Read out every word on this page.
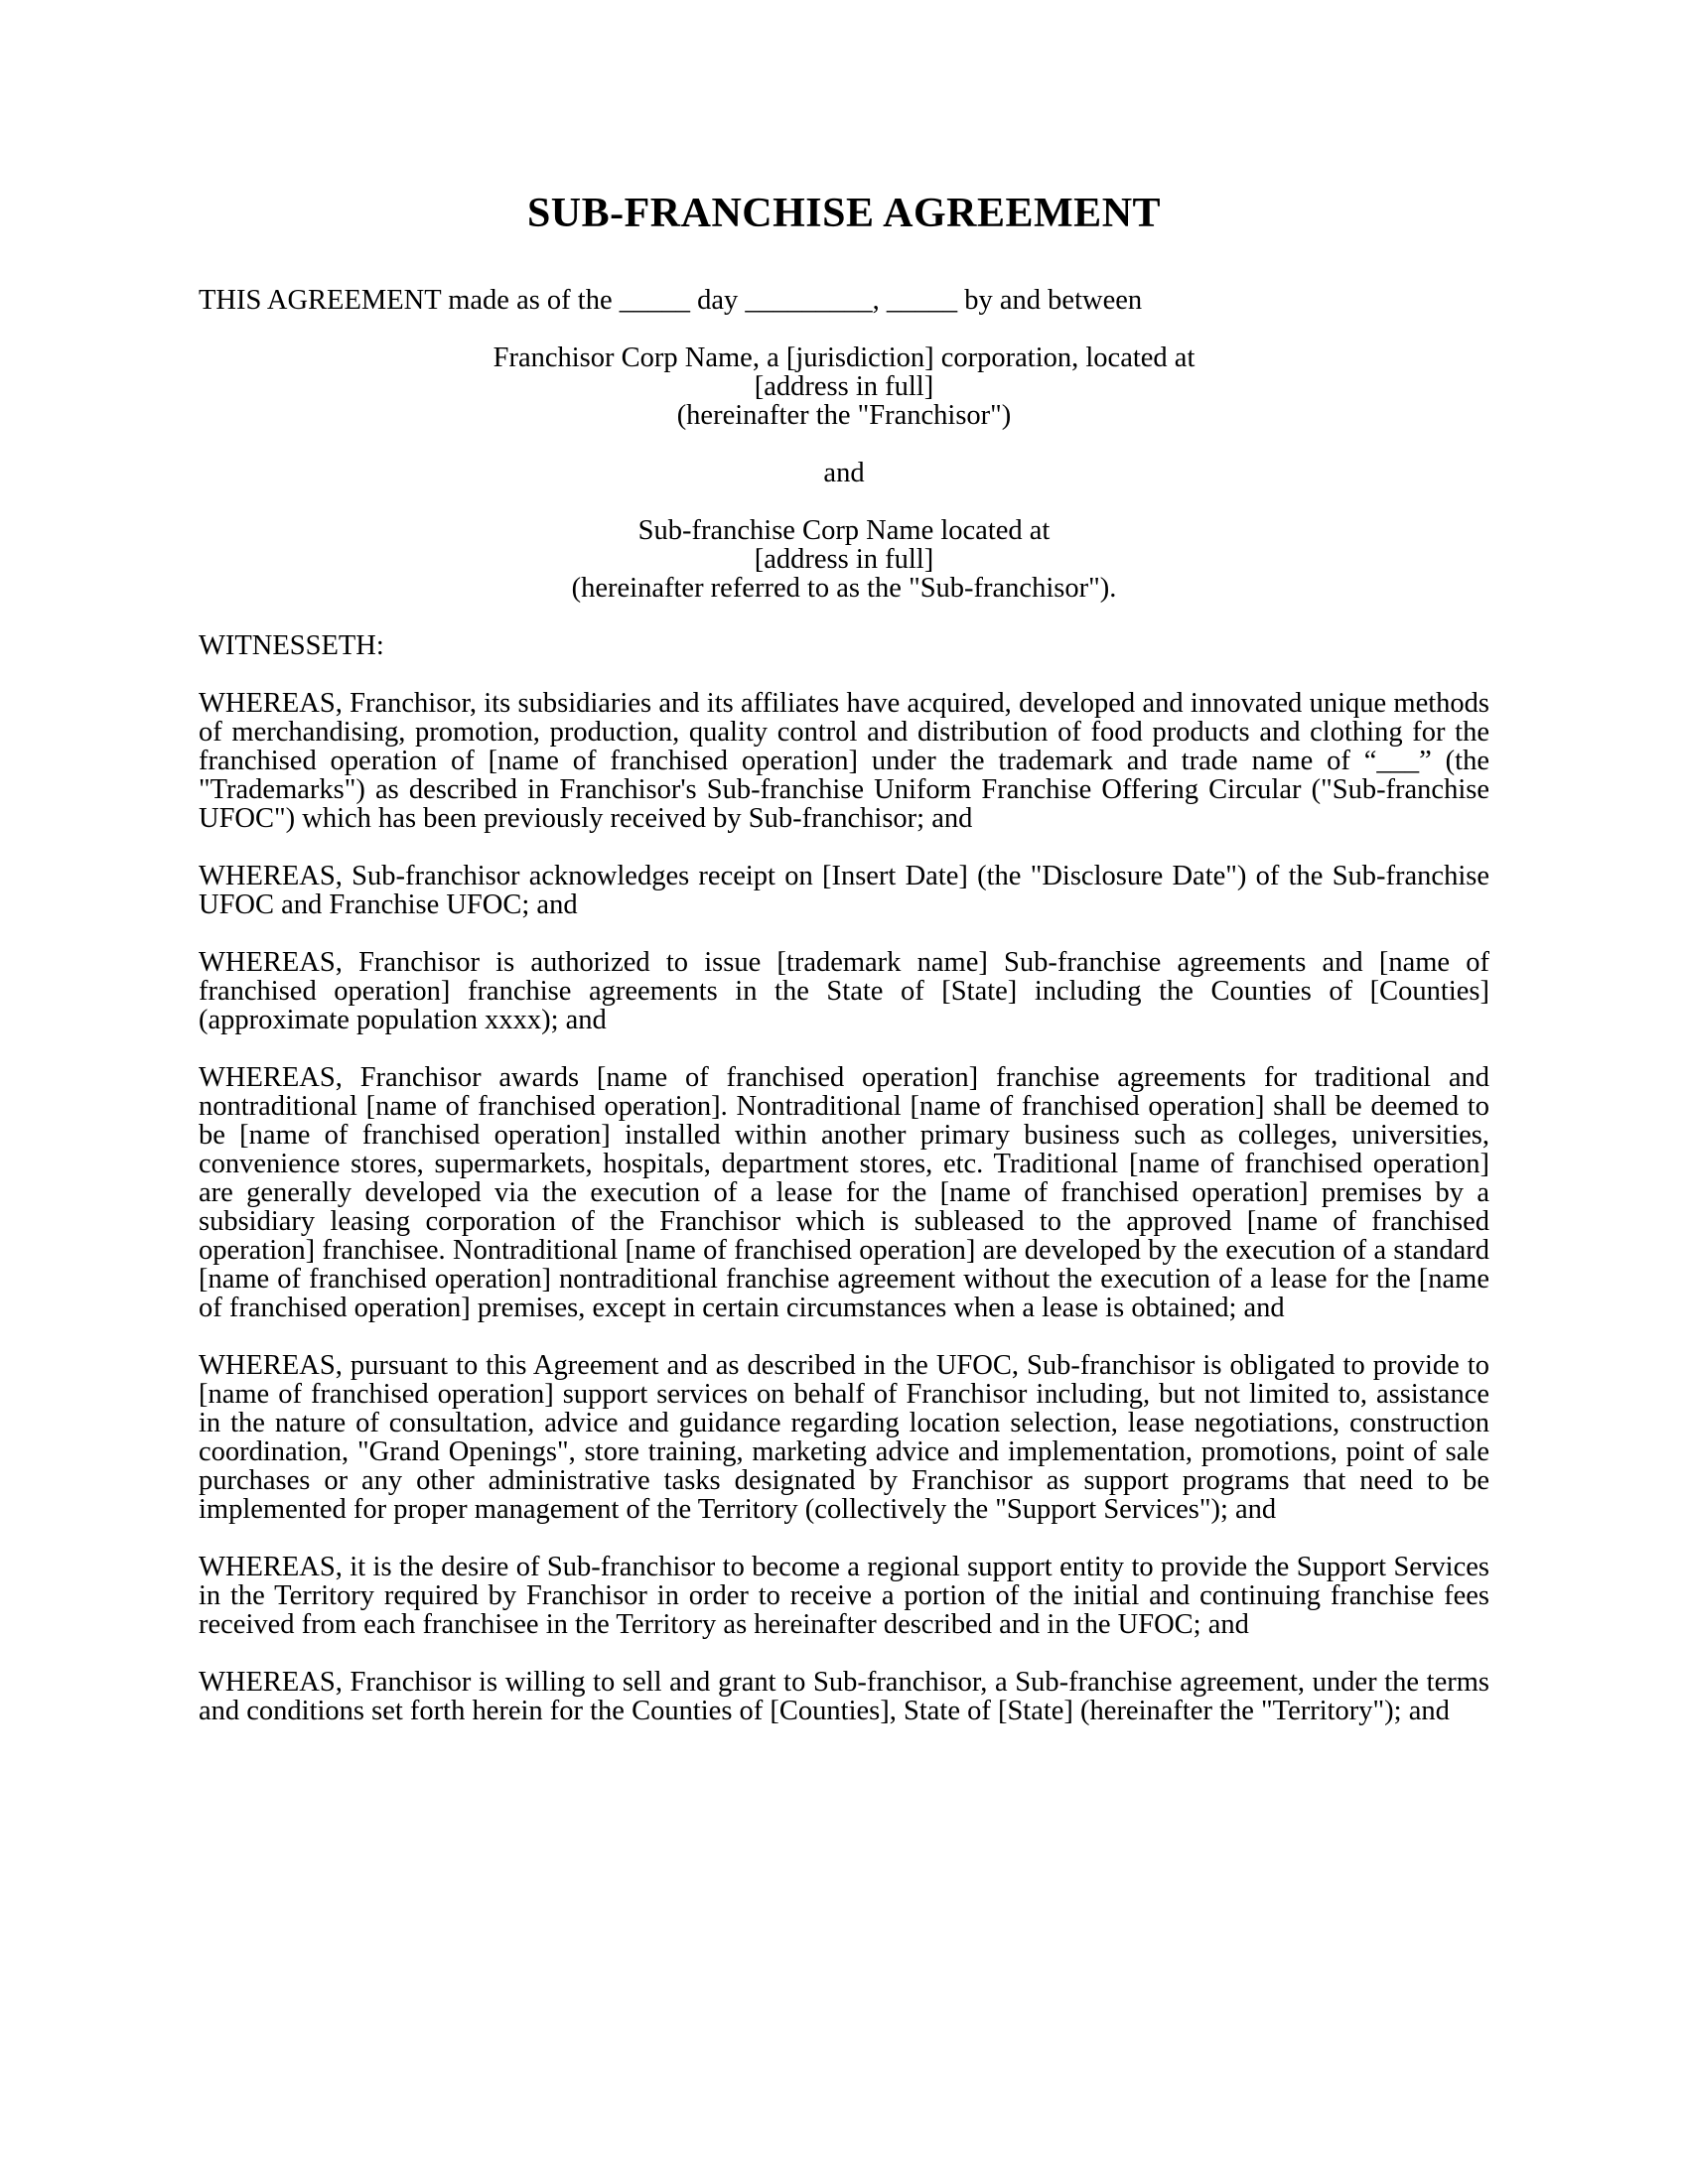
SUB-FRANCHISE AGREEMENT

THIS AGREEMENT made as of the _____ day _________, _____ by and between

Franchisor Corp Name, a [jurisdiction] corporation, located at
[address in full]
(hereinafter the "Franchisor")

and

Sub-franchise Corp Name located at
[address in full]
(hereinafter referred to as the "Sub-franchisor").

WITNESSETH:

WHEREAS, Franchisor, its subsidiaries and its affiliates have acquired, developed and innovated unique methods of merchandising, promotion, production, quality control and distribution of food products and clothing for the franchised operation of [name of franchised operation] under the trademark and trade name of “___” (the "Trademarks") as described in Franchisor's Sub-franchise Uniform Franchise Offering Circular ("Sub-franchise UFOC") which has been previously received by Sub-franchisor; and

WHEREAS, Sub-franchisor acknowledges receipt on [Insert Date] (the "Disclosure Date") of the Sub-franchise UFOC and Franchise UFOC; and

WHEREAS, Franchisor is authorized to issue [trademark name] Sub-franchise agreements and [name of franchised operation] franchise agreements in the State of [State] including the Counties of [Counties] (approximate population xxxx); and

WHEREAS, Franchisor awards [name of franchised operation] franchise agreements for traditional and nontraditional [name of franchised operation]. Nontraditional [name of franchised operation] shall be deemed to be [name of franchised operation] installed within another primary business such as colleges, universities, convenience stores, supermarkets, hospitals, department stores, etc. Traditional [name of franchised operation] are generally developed via the execution of a lease for the [name of franchised operation] premises by a subsidiary leasing corporation of the Franchisor which is subleased to the approved [name of franchised operation] franchisee. Nontraditional [name of franchised operation] are developed by the execution of a standard [name of franchised operation] nontraditional franchise agreement without the execution of a lease for the [name of franchised operation] premises, except in certain circumstances when a lease is obtained; and

WHEREAS, pursuant to this Agreement and as described in the UFOC, Sub-franchisor is obligated to provide to [name of franchised operation] support services on behalf of Franchisor including, but not limited to, assistance in the nature of consultation, advice and guidance regarding location selection, lease negotiations, construction coordination, "Grand Openings", store training, marketing advice and implementation, promotions, point of sale purchases or any other administrative tasks designated by Franchisor as support programs that need to be implemented for proper management of the Territory (collectively the "Support Services"); and

WHEREAS, it is the desire of Sub-franchisor to become a regional support entity to provide the Support Services in the Territory required by Franchisor in order to receive a portion of the initial and continuing franchise fees received from each franchisee in the Territory as hereinafter described and in the UFOC; and

WHEREAS, Franchisor is willing to sell and grant to Sub-franchisor, a Sub-franchise agreement, under the terms and conditions set forth herein for the Counties of [Counties], State of [State] (hereinafter the "Territory"); and
